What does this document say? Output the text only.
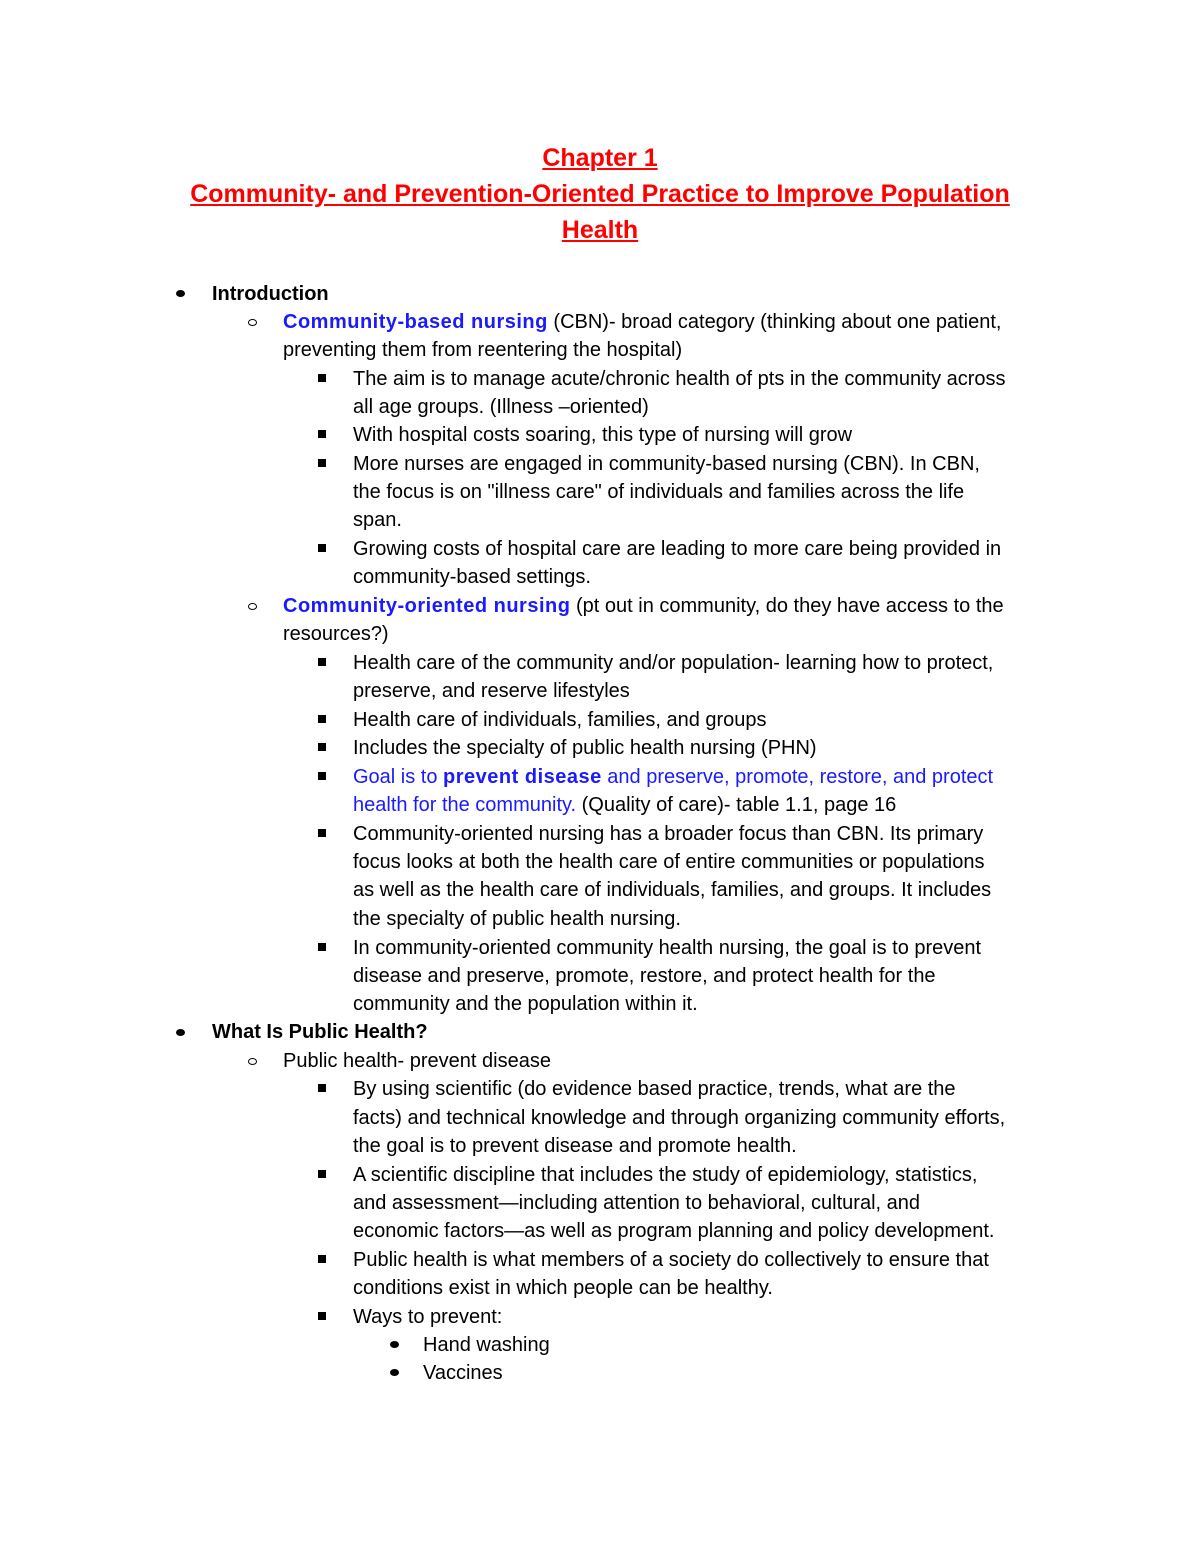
Chapter 1
Community- and Prevention-Oriented Practice to Improve Population
Health
Introduction
Community-based nursing (CBN)- broad category (thinking about one patient,
preventing them from reentering the hospital)
The aim is to manage acute/chronic health of pts in the community across
all age groups. (Illness –oriented)
With hospital costs soaring, this type of nursing will grow
More nurses are engaged in community-based nursing (CBN). In CBN,
the focus is on "illness care" of individuals and families across the life
span.
Growing costs of hospital care are leading to more care being provided in
community-based settings.
Community-oriented nursing (pt out in community, do they have access to the
resources?)
Health care of the community and/or population- learning how to protect,
preserve, and reserve lifestyles
Health care of individuals, families, and groups
Includes the specialty of public health nursing (PHN)
Goal is to prevent disease and preserve, promote, restore, and protect
health for the community. (Quality of care)- table 1.1, page 16
Community-oriented nursing has a broader focus than CBN. Its primary
focus looks at both the health care of entire communities or populations
as well as the health care of individuals, families, and groups. It includes
the specialty of public health nursing.
In community-oriented community health nursing, the goal is to prevent
disease and preserve, promote, restore, and protect health for the
community and the population within it.
What Is Public Health?
Public health- prevent disease
By using scientific (do evidence based practice, trends, what are the
facts) and technical knowledge and through organizing community efforts,
the goal is to prevent disease and promote health.
A scientific discipline that includes the study of epidemiology, statistics,
and assessment—including attention to behavioral, cultural, and
economic factors—as well as program planning and policy development.
Public health is what members of a society do collectively to ensure that
conditions exist in which people can be healthy.
Ways to prevent:
Hand washing
Vaccines
